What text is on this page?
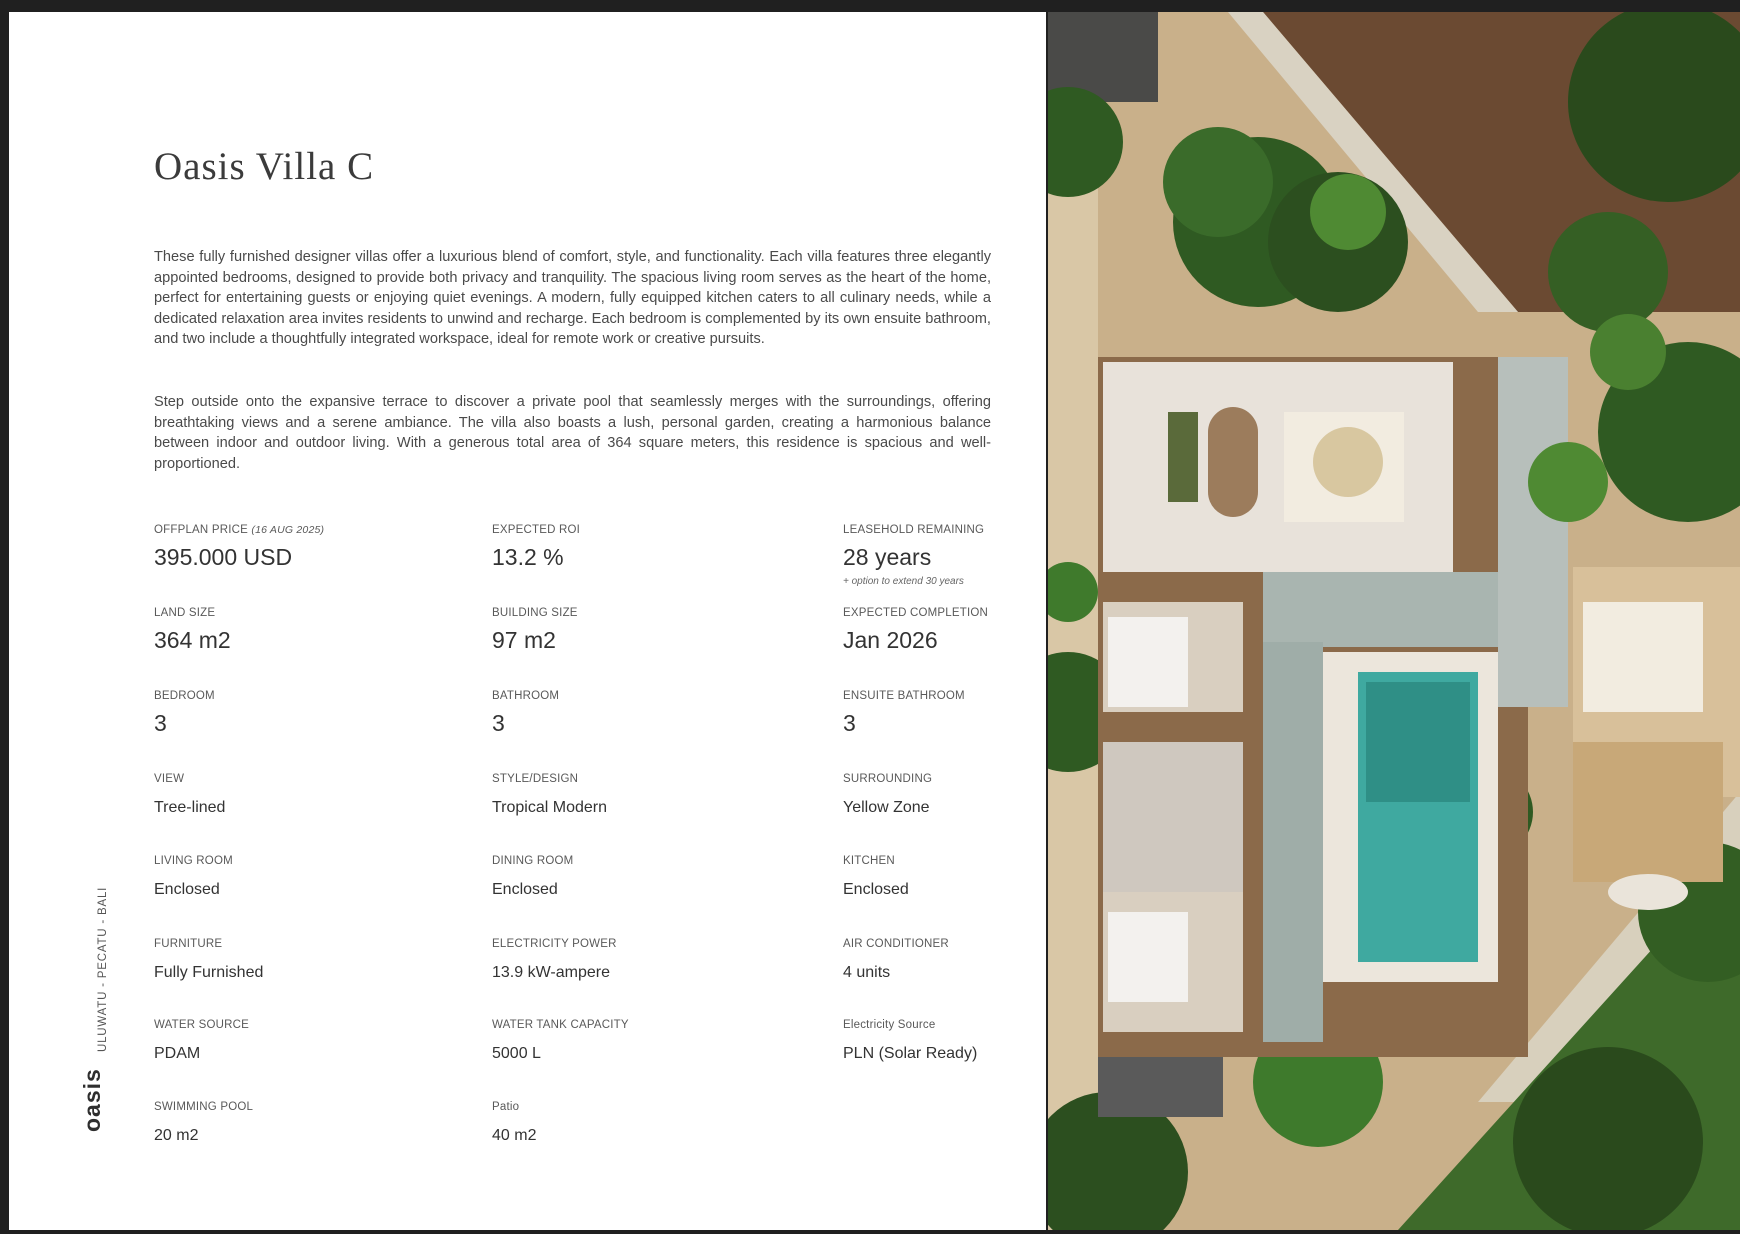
Oasis Villa C

These fully furnished designer villas offer a luxurious blend of comfort, style, and functionality. Each villa features three elegantly appointed bedrooms, designed to provide both privacy and tranquility. The spacious living room serves as the heart of the home, perfect for entertaining guests or enjoying quiet evenings. A modern, fully equipped kitchen caters to all culinary needs, while a dedicated relaxation area invites residents to unwind and recharge. Each bedroom is complemented by its own ensuite bathroom, and two include a thoughtfully integrated workspace, ideal for remote work or creative pursuits.

Step outside onto the expansive terrace to discover a private pool that seamlessly merges with the surroundings, offering breathtaking views and a serene ambiance. The villa also boasts a lush, personal garden, creating a harmonious balance between indoor and outdoor living. With a generous total area of 364 square meters, this residence is spacious and well-proportioned.

OFFPLAN PRICE (16 AUG 2025)
395.000 USD
EXPECTED ROI
13.2 %
LEASEHOLD REMAINING
28 years
+ option to extend 30 years
LAND SIZE
364 m2
BUILDING SIZE
97 m2
EXPECTED COMPLETION
Jan 2026
BEDROOM
3
BATHROOM
3
ENSUITE BATHROOM
3
VIEW
Tree-lined
STYLE/DESIGN
Tropical Modern
SURROUNDING
Yellow Zone
LIVING ROOM
Enclosed
DINING ROOM
Enclosed
KITCHEN
Enclosed
FURNITURE
Fully Furnished
ELECTRICITY POWER
13.9 kW-ampere
AIR CONDITIONER
4 units
WATER SOURCE
PDAM
WATER TANK CAPACITY
5000 L
Electricity Source
PLN (Solar Ready)
SWIMMING POOL
20 m2
Patio
40 m2
ULUWATU - PECATU - BALI
oasis
